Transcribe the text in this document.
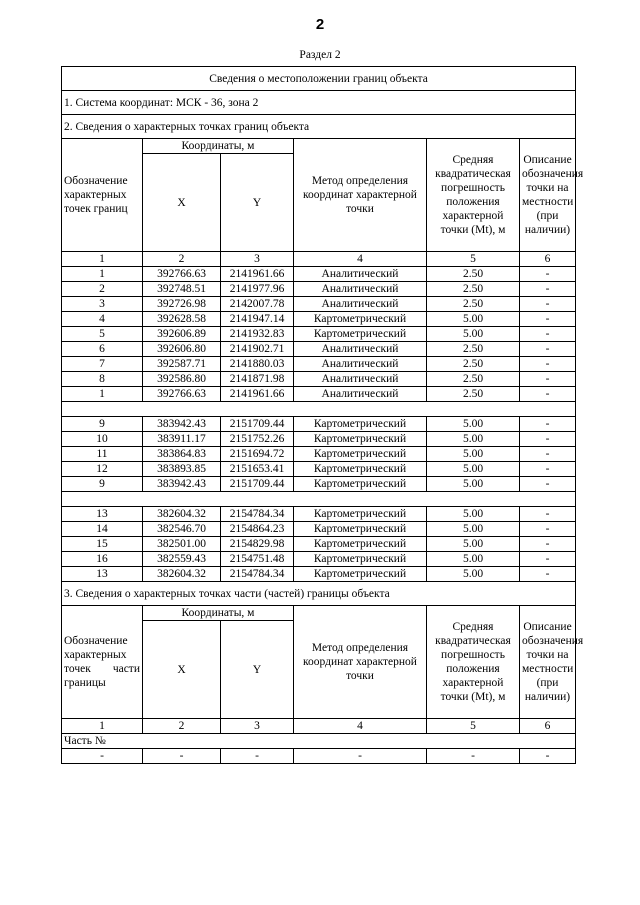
2
Раздел 2
Сведения о местоположении границ объекта					
1. Система координат: МСК - 36, зона 2					
2. Сведения о характерных точках границ объекта					
Обозначение характерных точек границ	Координаты, м		Метод определения координат характерной точки	Средняя квадратическая погрешность положения характерной точки (Mt), м	Описание обозначения точки на местности (при наличии)
	X	Y			
1	2	3	4	5	6
1	392766.63	2141961.66	Аналитический	2.50	-
2	392748.51	2141977.96	Аналитический	2.50	-
3	392726.98	2142007.78	Аналитический	2.50	-
4	392628.58	2141947.14	Картометрический	5.00	-
5	392606.89	2141932.83	Картометрический	5.00	-
6	392606.80	2141902.71	Аналитический	2.50	-
7	392587.71	2141880.03	Аналитический	2.50	-
8	392586.80	2141871.98	Аналитический	2.50	-
1	392766.63	2141961.66	Аналитический	2.50	-

9	383942.43	2151709.44	Картометрический	5.00	-
10	383911.17	2151752.26	Картометрический	5.00	-
11	383864.83	2151694.72	Картометрический	5.00	-
12	383893.85	2151653.41	Картометрический	5.00	-
9	383942.43	2151709.44	Картометрический	5.00	-

13	382604.32	2154784.34	Картометрический	5.00	-
14	382546.70	2154864.23	Картометрический	5.00	-
15	382501.00	2154829.98	Картометрический	5.00	-
16	382559.43	2154751.48	Картометрический	5.00	-
13	382604.32	2154784.34	Картометрический	5.00	-
3. Сведения о характерных точках части (частей) границы объекта					

Обозначение характерных точек части границы	Координаты, м		Метод определения координат характерной точки	Средняя квадратическая погрешность положения характерной точки (Mt), м	Описание обозначения точки на местности (при наличии)
	X	Y			
1	2	3	4	5	6
Часть №					
-	-	-	-	-	-
